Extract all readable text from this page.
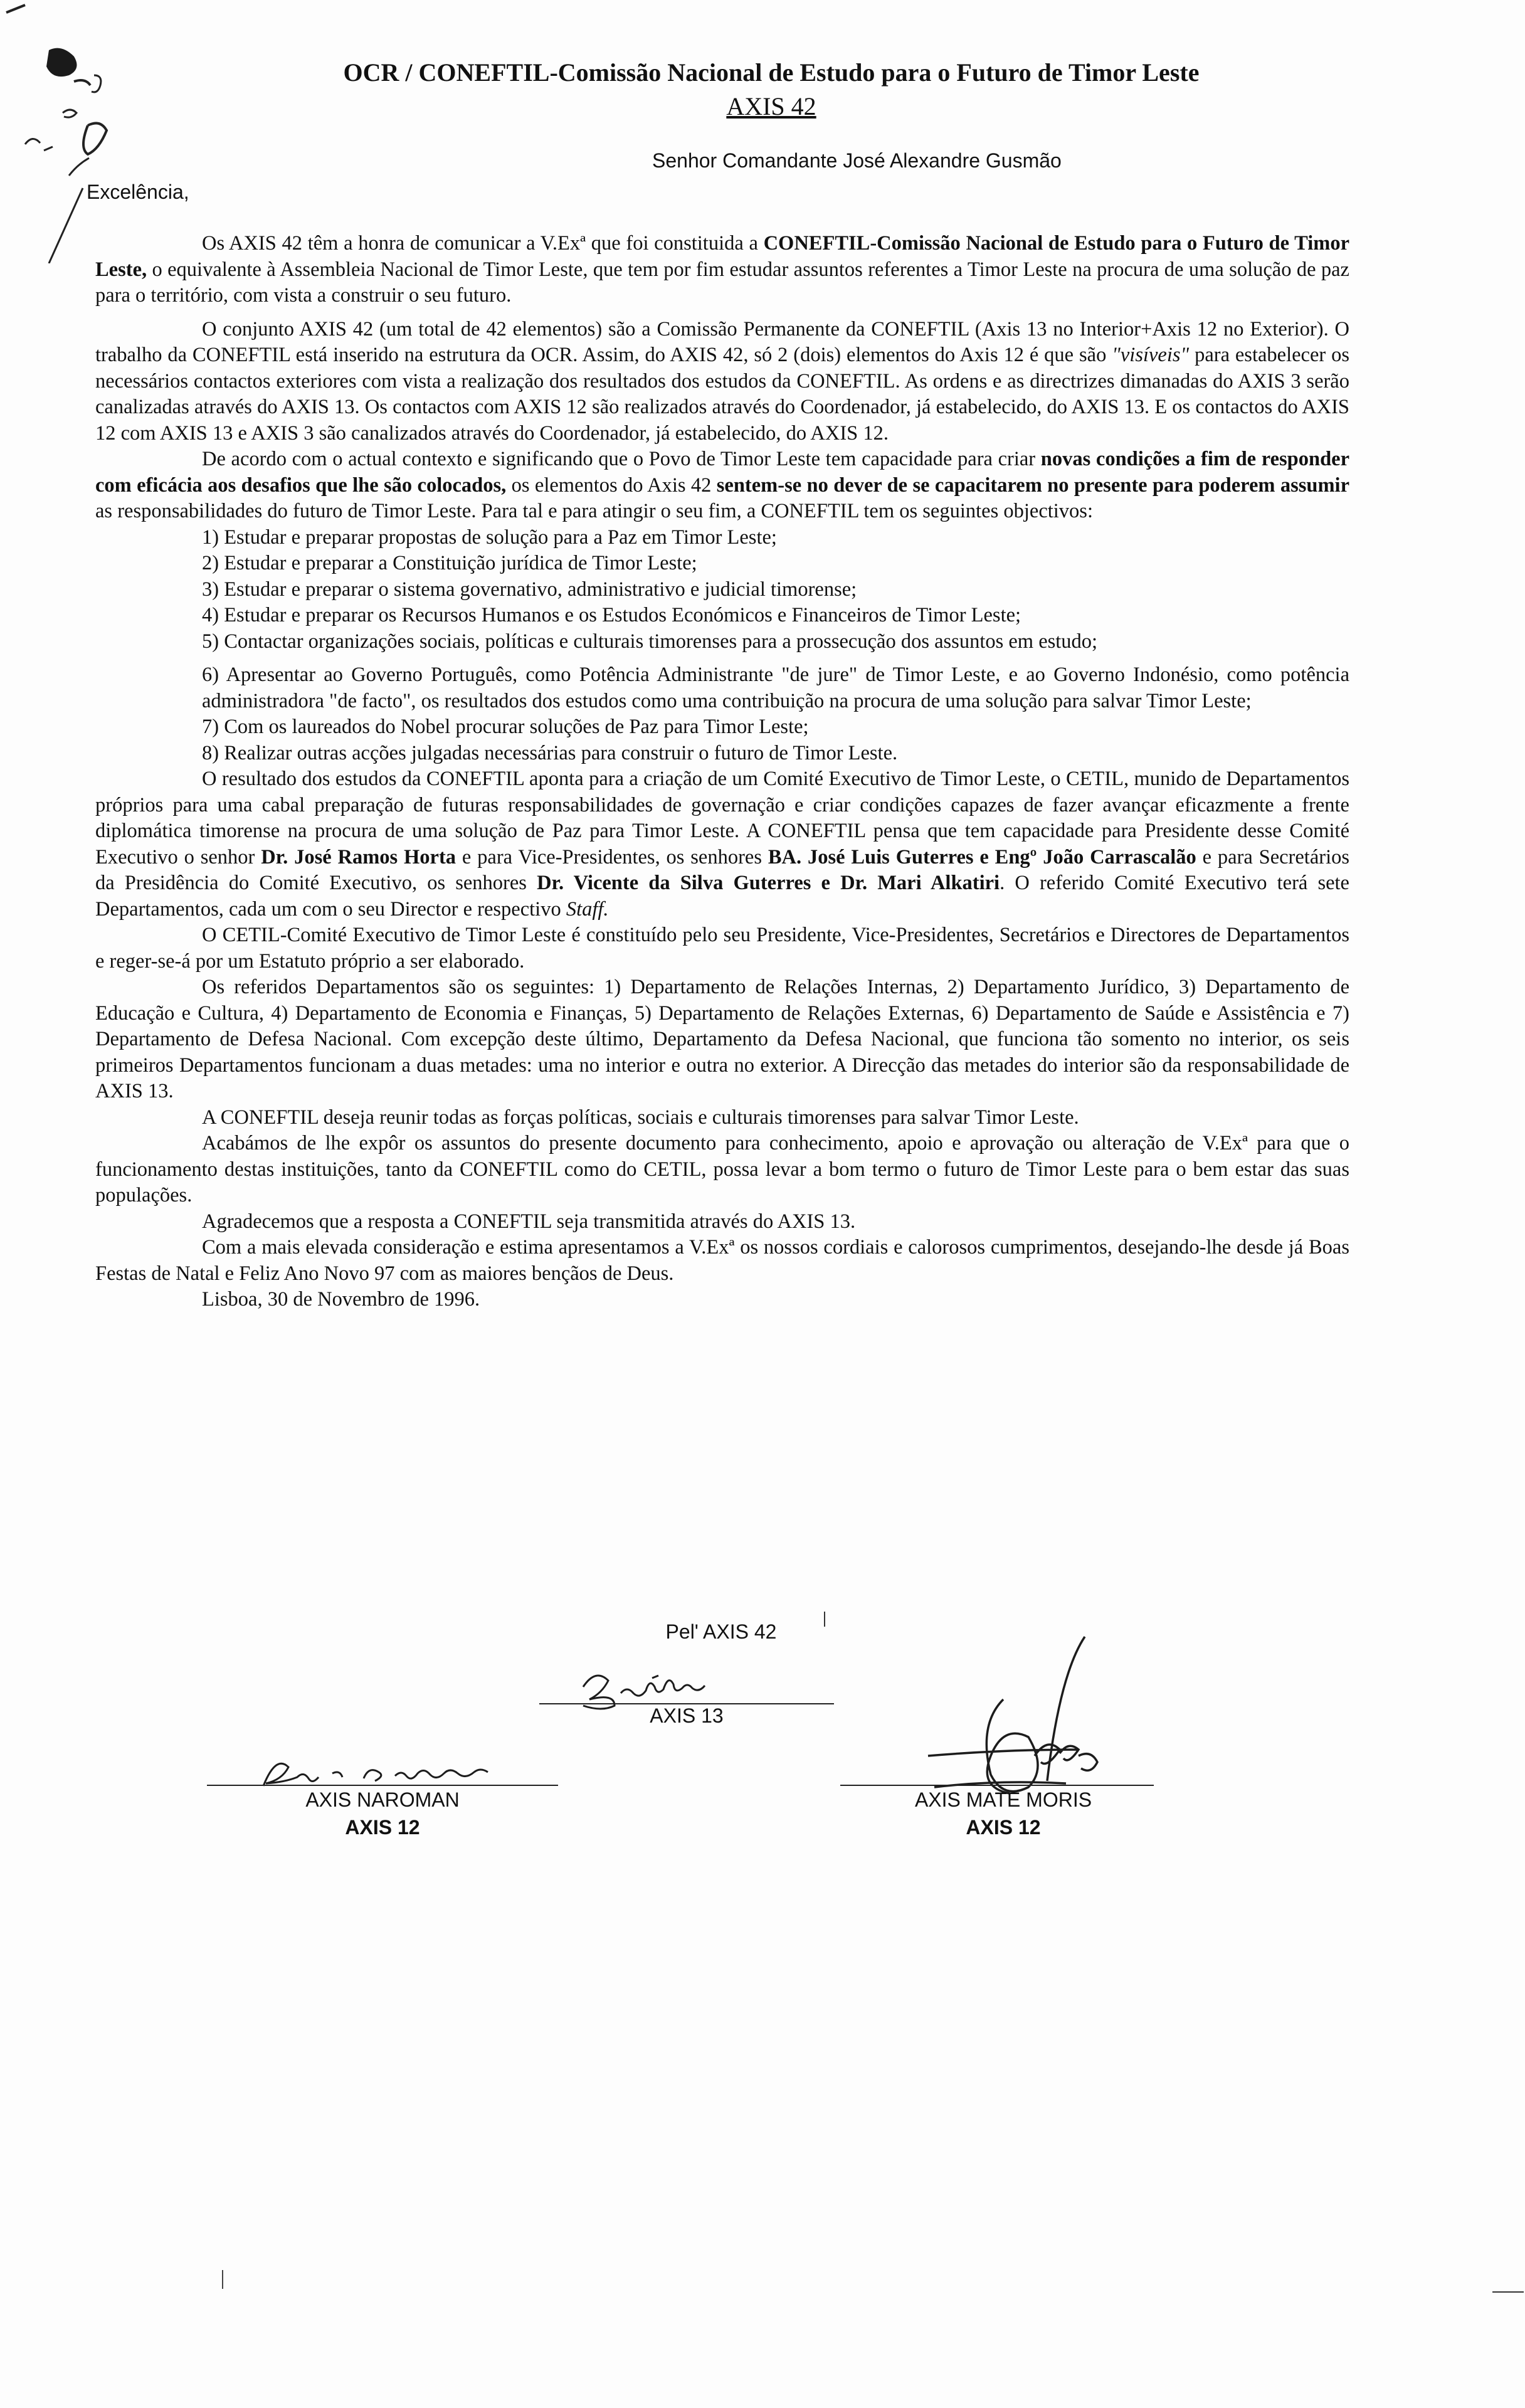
OCR / CONEFTIL-Comissão Nacional de Estudo para o Futuro de Timor Leste
AXIS 42
Senhor Comandante José Alexandre Gusmão
Excelência,

Os AXIS 42 têm a honra de comunicar a V.Exª que foi constituida a CONEFTIL-Comissão Nacional de Estudo para o Futuro de Timor Leste, o equivalente à Assembleia Nacional de Timor Leste, que tem por fim estudar assuntos referentes a Timor Leste na procura de uma solução de paz para o território, com vista a construir o seu futuro.

O conjunto AXIS 42 (um total de 42 elementos) são a Comissão Permanente da CONEFTIL (Axis 13 no Interior+Axis 12 no Exterior). O trabalho da CONEFTIL está inserido na estrutura da OCR. Assim, do AXIS 42, só 2 (dois) elementos do Axis 12 é que são "visíveis" para estabelecer os necessários contactos exteriores com vista a realização dos resultados dos estudos da CONEFTIL. As ordens e as directrizes dimanadas do AXIS 3 serão canalizadas através do AXIS 13. Os contactos com AXIS 12 são realizados através do Coordenador, já estabelecido, do AXIS 13. E os contactos do AXIS 12 com AXIS 13 e AXIS 3 são canalizados através do Coordenador, já estabelecido, do AXIS 12.

De acordo com o actual contexto e significando que o Povo de Timor Leste tem capacidade para criar novas condições a fim de responder com eficácia aos desafios que lhe são colocados, os elementos do Axis 42 sentem-se no dever de se capacitarem no presente para poderem assumir as responsabilidades do futuro de Timor Leste. Para tal e para atingir o seu fim, a CONEFTIL tem os seguintes objectivos:

1) Estudar e preparar propostas de solução para a Paz em Timor Leste;

2) Estudar e preparar a Constituição jurídica de Timor Leste;

3) Estudar e preparar o sistema governativo, administrativo e judicial timorense;

4) Estudar e preparar os Recursos Humanos e os Estudos Económicos e Financeiros de Timor Leste;

5) Contactar organizações sociais, políticas e culturais timorenses para a prossecução dos assuntos em estudo;

6) Apresentar ao Governo Português, como Potência Administrante "de jure" de Timor Leste, e ao Governo Indonésio, como potência administradora "de facto", os resultados dos estudos como uma contribuição na procura de uma solução para salvar Timor Leste;

7) Com os laureados do Nobel procurar soluções de Paz para Timor Leste;

8) Realizar outras acções julgadas necessárias para construir o futuro de Timor Leste.

O resultado dos estudos da CONEFTIL aponta para a criação de um Comité Executivo de Timor Leste, o CETIL, munido de Departamentos próprios para uma cabal preparação de futuras responsabilidades de governação e criar condições capazes de fazer avançar eficazmente a frente diplomática timorense na procura de uma solução de Paz para Timor Leste. A CONEFTIL pensa que tem capacidade para Presidente desse Comité Executivo o senhor Dr. José Ramos Horta e para Vice-Presidentes, os senhores BA. José Luis Guterres e Engº João Carrascalão e para Secretários da Presidência do Comité Executivo, os senhores Dr. Vicente da Silva Guterres e Dr. Mari Alkatiri. O referido Comité Executivo terá sete Departamentos, cada um com o seu Director e respectivo Staff.

O CETIL-Comité Executivo de Timor Leste é constituído pelo seu Presidente, Vice-Presidentes, Secretários e Directores de Departamentos e reger-se-á por um Estatuto próprio a ser elaborado.

Os referidos Departamentos são os seguintes: 1) Departamento de Relações Internas, 2) Departamento Jurídico, 3) Departamento de Educação e Cultura, 4) Departamento de Economia e Finanças, 5) Departamento de Relações Externas, 6) Departamento de Saúde e Assistência e 7) Departamento de Defesa Nacional. Com excepção deste último, Departamento da Defesa Nacional, que funciona tão somento no interior, os seis primeiros Departamentos funcionam a duas metades: uma no interior e outra no exterior. A Direcção das metades do interior são da responsabilidade de AXIS 13.

A CONEFTIL deseja reunir todas as forças políticas, sociais e culturais timorenses para salvar Timor Leste.

Acabámos de lhe expôr os assuntos do presente documento para conhecimento, apoio e aprovação ou alteração de V.Exª para que o funcionamento destas instituições, tanto da CONEFTIL como do CETIL, possa levar a bom termo o futuro de Timor Leste para o bem estar das suas populações.

Agradecemos que a resposta a CONEFTIL seja transmitida através do AXIS 13.

Com a mais elevada consideração e estima apresentamos a V.Exª os nossos cordiais e calorosos cumprimentos, desejando-lhe desde já Boas Festas de Natal e Feliz Ano Novo 97 com as maiores bençãos de Deus.

Lisboa, 30 de Novembro de 1996.

Pel' AXIS 42
AXIS 13
AXIS NAROMAN
AXIS 12
AXIS MATE MORIS
AXIS 12
